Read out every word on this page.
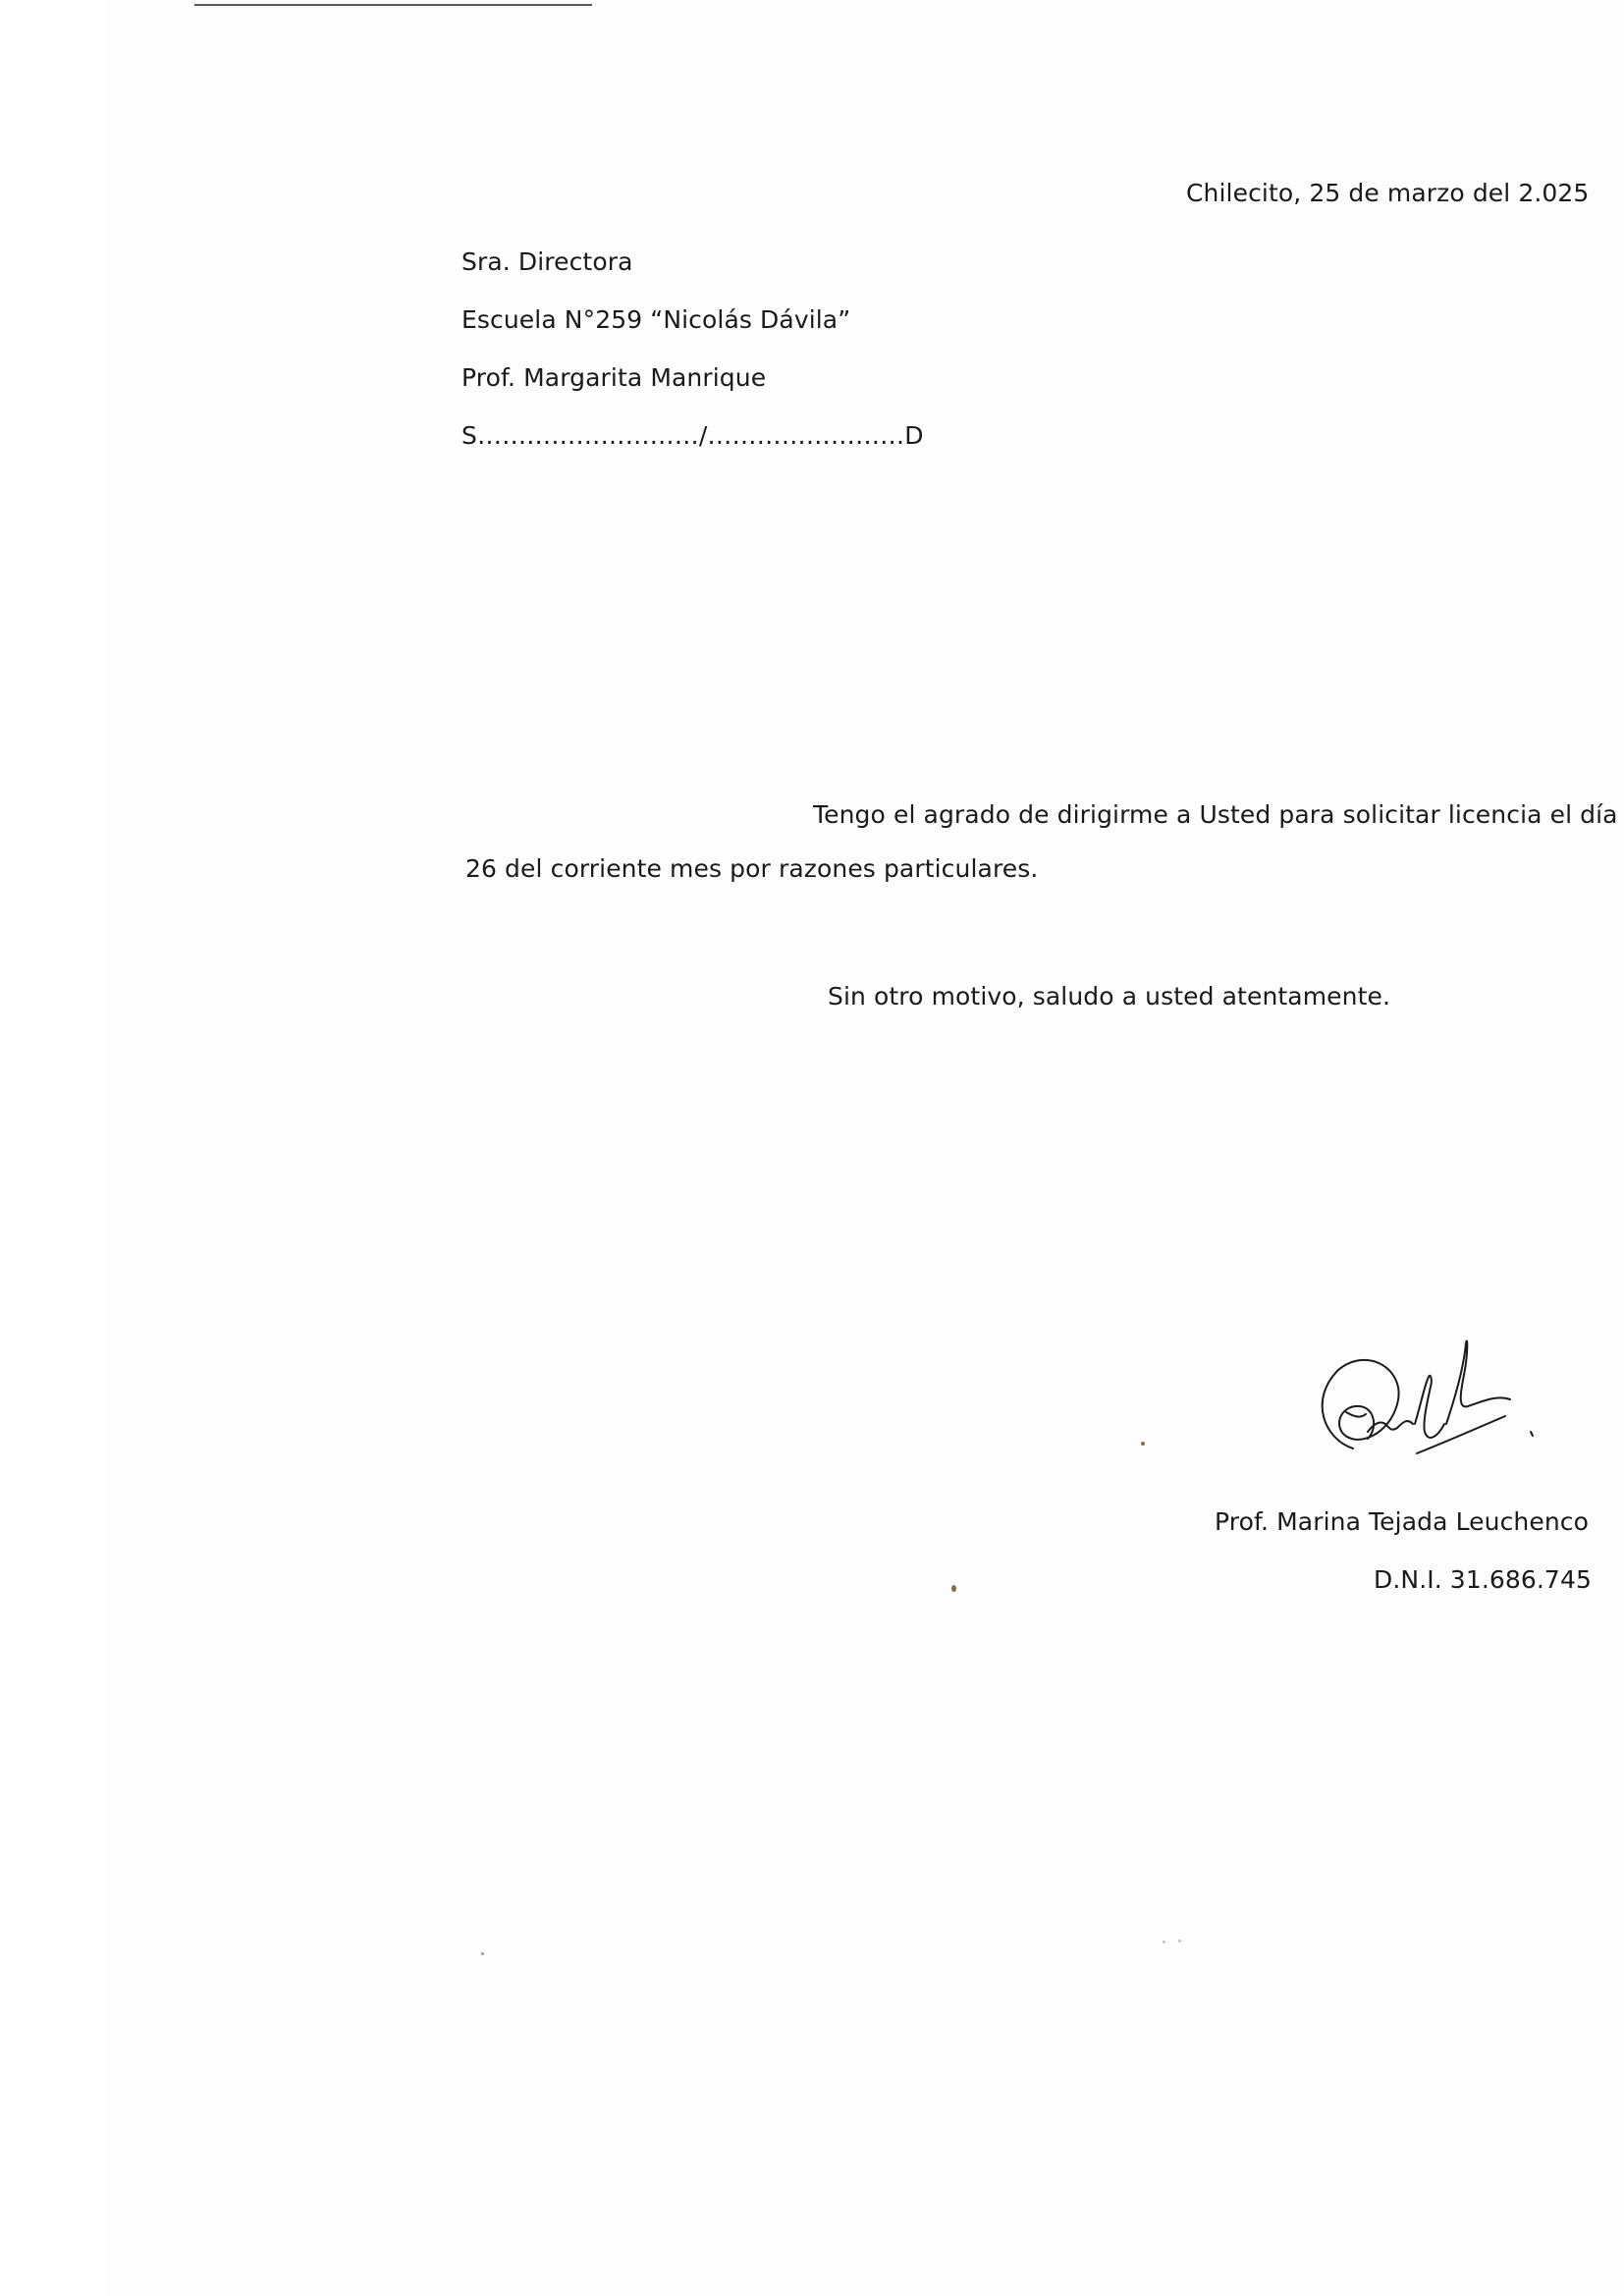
Chilecito, 25 de marzo del 2.025
Sra. Directora
Escuela N°259 “Nicolás Dávila”
Prof. Margarita Manrique
S………………………/……………………D
Tengo el agrado de dirigirme a Usted para solicitar licencia el día
26 del corriente mes por razones particulares.
Sin otro motivo, saludo a usted atentamente.
Prof. Marina Tejada Leuchenco
D.N.I. 31.686.745
